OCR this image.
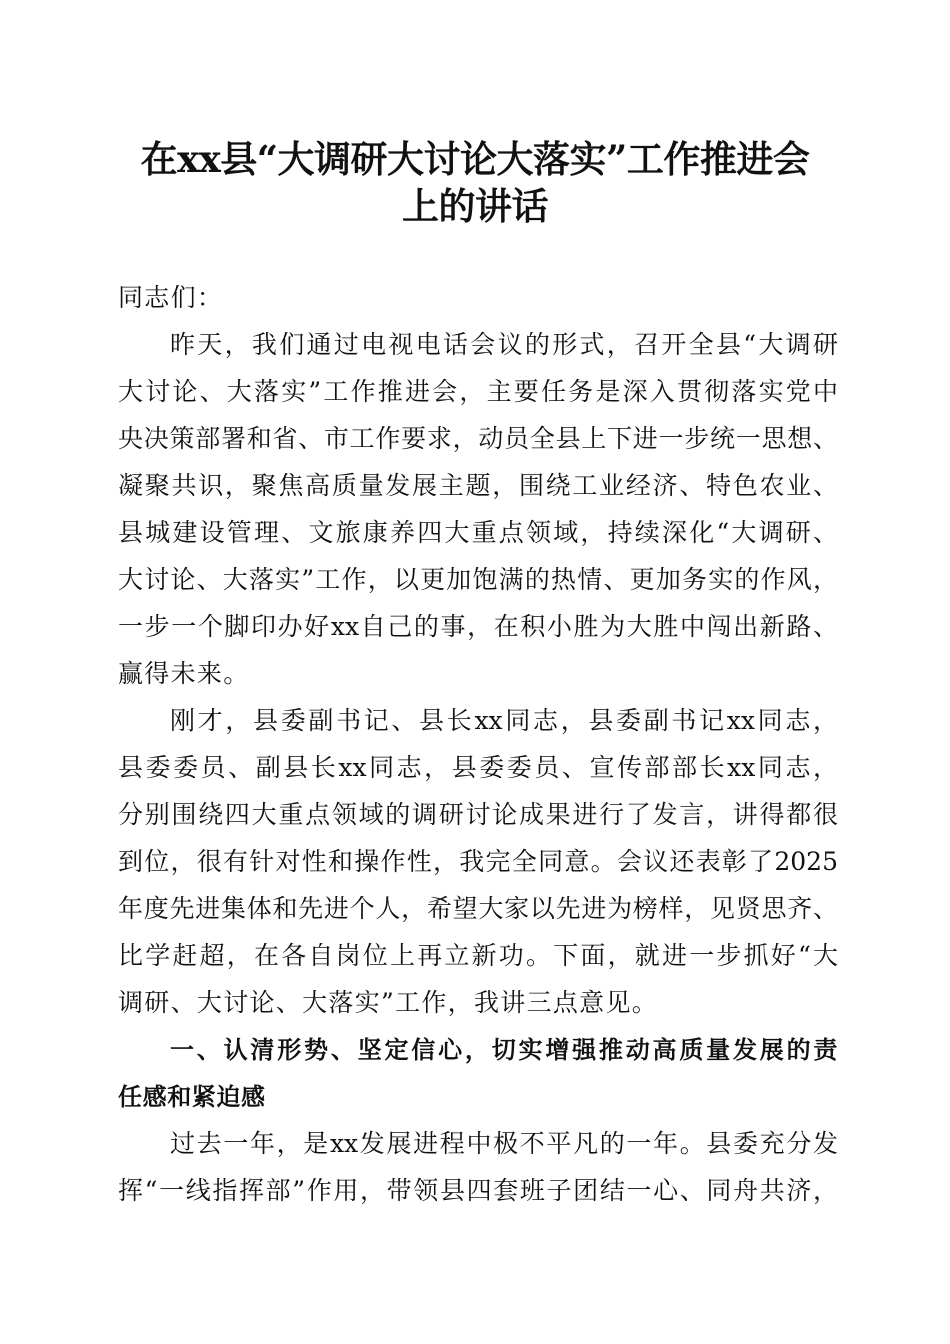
在xx县“大调研大讨论大落实”工作推进会
上的讲话
同志们：
昨天，我们通过电视电话会议的形式，召开全县“大调研
大讨论、大落实”工作推进会，主要任务是深入贯彻落实党中
央决策部署和省、市工作要求，动员全县上下进一步统一思想、
凝聚共识，聚焦高质量发展主题，围绕工业经济、特色农业、
县城建设管理、文旅康养四大重点领域，持续深化“大调研、
大讨论、大落实”工作，以更加饱满的热情、更加务实的作风，
一步一个脚印办好xx自己的事，在积小胜为大胜中闯出新路、
赢得未来。
刚才，县委副书记、县长xx同志，县委副书记xx同志，
县委委员、副县长xx同志，县委委员、宣传部部长xx同志，
分别围绕四大重点领域的调研讨论成果进行了发言，讲得都很
到位，很有针对性和操作性，我完全同意。会议还表彰了2025
年度先进集体和先进个人，希望大家以先进为榜样，见贤思齐、
比学赶超，在各自岗位上再立新功。下面，就进一步抓好“大
调研、大讨论、大落实”工作，我讲三点意见。
一、认清形势、坚定信心，切实增强推动高质量发展的责
任感和紧迫感
过去一年，是xx发展进程中极不平凡的一年。县委充分发
挥“一线指挥部”作用，带领县四套班子团结一心、同舟共济，
